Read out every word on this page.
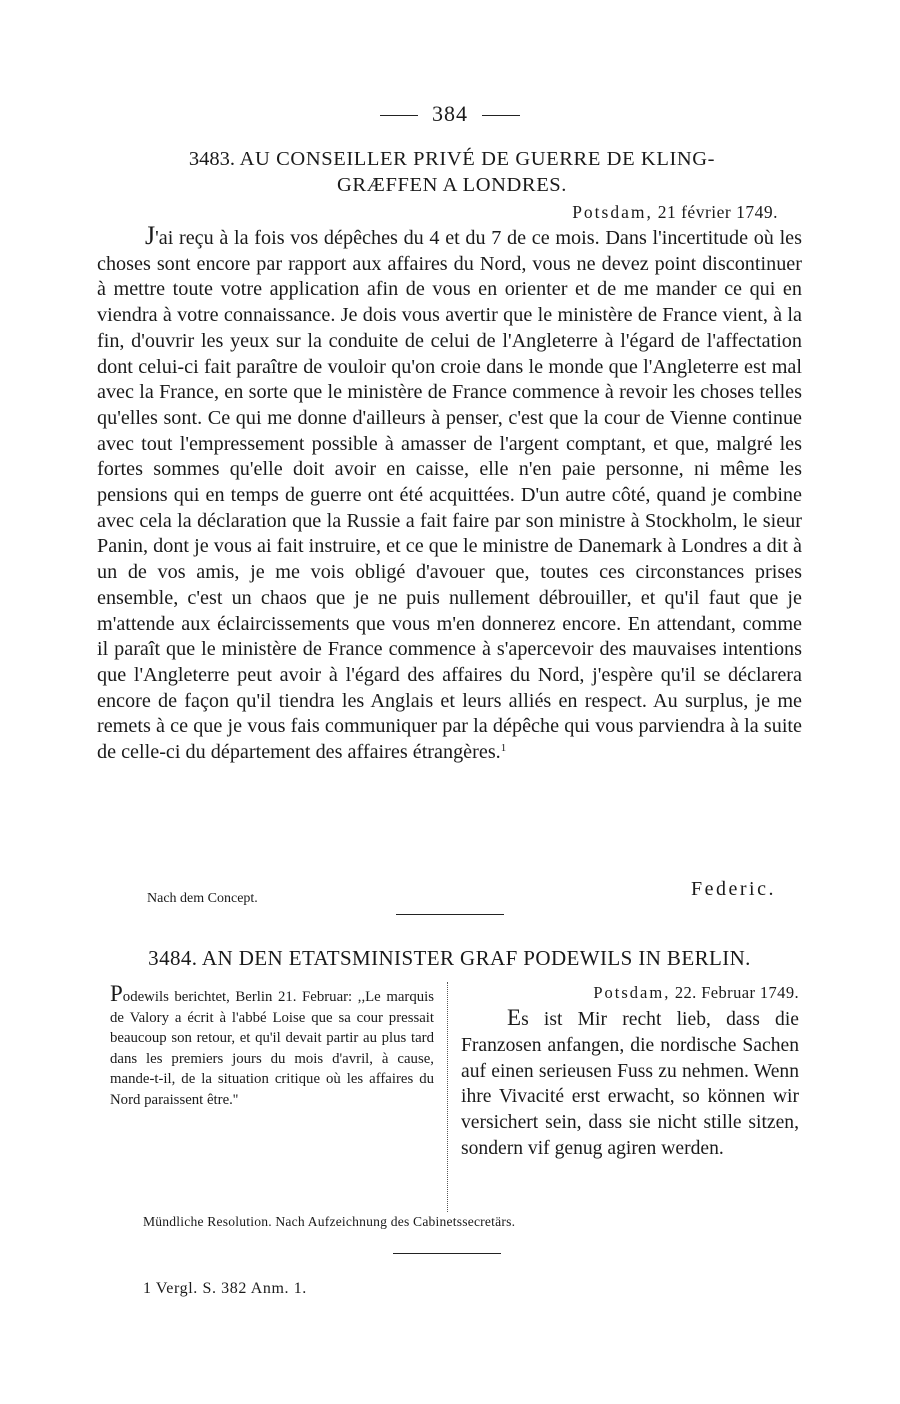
384
3483. AU CONSEILLER PRIVÉ DE GUERRE DE KLING-
GRÆFFEN A LONDRES.
Potsdam, 21 février 1749.

J'ai reçu à la fois vos dépêches du 4 et du 7 de ce mois. Dans l'incertitude où les choses sont encore par rapport aux affaires du Nord, vous ne devez point discontinuer à mettre toute votre application afin de vous en orienter et de me mander ce qui en viendra à votre connaissance. Je dois vous avertir que le ministère de France vient, à la fin, d'ouvrir les yeux sur la conduite de celui de l'Angleterre à l'égard de l'affectation dont celui-ci fait paraître de vouloir qu'on croie dans le monde que l'Angleterre est mal avec la France, en sorte que le ministère de France commence à revoir les choses telles qu'elles sont. Ce qui me donne d'ailleurs à penser, c'est que la cour de Vienne continue avec tout l'empressement possible à amasser de l'argent comptant, et que, malgré les fortes sommes qu'elle doit avoir en caisse, elle n'en paie personne, ni même les pensions qui en temps de guerre ont été acquittées. D'un autre côté, quand je combine avec cela la déclaration que la Russie a fait faire par son ministre à Stockholm, le sieur Panin, dont je vous ai fait instruire, et ce que le ministre de Danemark à Londres a dit à un de vos amis, je me vois obligé d'avouer que, toutes ces circonstances prises ensemble, c'est un chaos que je ne puis nullement débrouiller, et qu'il faut que je m'attende aux éclaircissements que vous m'en donnerez encore. En attendant, comme il paraît que le ministère de France commence à s'apercevoir des mauvaises intentions que l'Angleterre peut avoir à l'égard des affaires du Nord, j'espère qu'il se déclarera encore de façon qu'il tiendra les Anglais et leurs alliés en respect. Au surplus, je me remets à ce que je vous fais communiquer par la dépêche qui vous parviendra à la suite de celle-ci du département des affaires étrangères.$^1$

Federic.
Nach dem Concept.
3484. AN DEN ETATSMINISTER GRAF PODEWILS IN BERLIN.
Podewils berichtet, Berlin 21. Februar: ,,Le marquis de Valory a écrit à l'abbé Loise que sa cour pressait beaucoup son retour, et qu'il devait partir au plus tard dans les premiers jours du mois d'avril, à cause, mande-t-il, de la situation critique où les affaires du Nord paraissent être.''
Potsdam, 22. Februar 1749.
Es ist Mir recht lieb, dass die Franzosen anfangen, die nordische Sachen auf einen serieusen Fuss zu nehmen. Wenn ihre Vivacité erst erwacht, so können wir versichert sein, dass sie nicht stille sitzen, sondern vif genug agiren werden.
Mündliche Resolution. Nach Aufzeichnung des Cabinetssecretärs.
1 Vergl. S. 382 Anm. 1.
